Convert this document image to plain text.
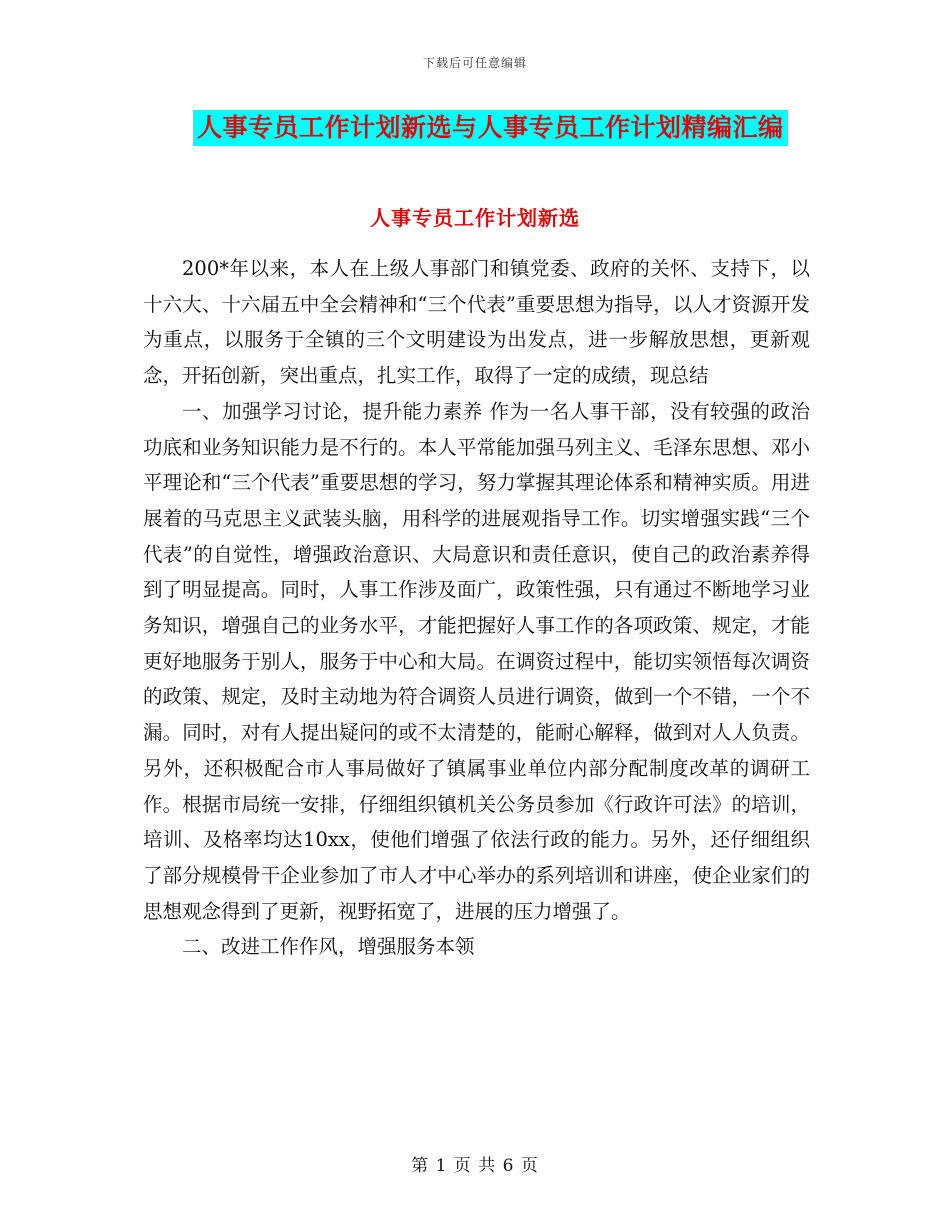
下载后可任意编辑
人事专员工作计划新选与人事专员工作计划精编汇编
人事专员工作计划新选

200*年以来，本人在上级人事部门和镇党委、政府的关怀、支持下，以十六大、十六届五中全会精神和“三个代表”重要思想为指导，以人才资源开发为重点，以服务于全镇的三个文明建设为出发点，进一步解放思想，更新观念，开拓创新，突出重点，扎实工作，取得了一定的成绩，现总结

一、加强学习讨论，提升能力素养 作为一名人事干部，没有较强的政治功底和业务知识能力是不行的。本人平常能加强马列主义、毛泽东思想、邓小平理论和“三个代表”重要思想的学习，努力掌握其理论体系和精神实质。用进展着的马克思主义武装头脑，用科学的进展观指导工作。切实增强实践“三个代表”的自觉性，增强政治意识、大局意识和责任意识，使自己的政治素养得到了明显提高。同时，人事工作涉及面广，政策性强，只有通过不断地学习业务知识，增强自己的业务水平，才能把握好人事工作的各项政策、规定，才能更好地服务于别人，服务于中心和大局。在调资过程中，能切实领悟每次调资的政策、规定，及时主动地为符合调资人员进行调资，做到一个不错，一个不漏。同时，对有人提出疑问的或不太清楚的，能耐心解释，做到对人人负责。另外，还积极配合市人事局做好了镇属事业单位内部分配制度改革的调研工作。根据市局统一安排，仔细组织镇机关公务员参加《行政许可法》的培训，培训、及格率均达10xx，使他们增强了依法行政的能力。另外，还仔细组织了部分规模骨干企业参加了市人才中心举办的系列培训和讲座，使企业家们的思想观念得到了更新，视野拓宽了，进展的压力增强了。

二、改进工作作风，增强服务本领

第 1 页 共 6 页
